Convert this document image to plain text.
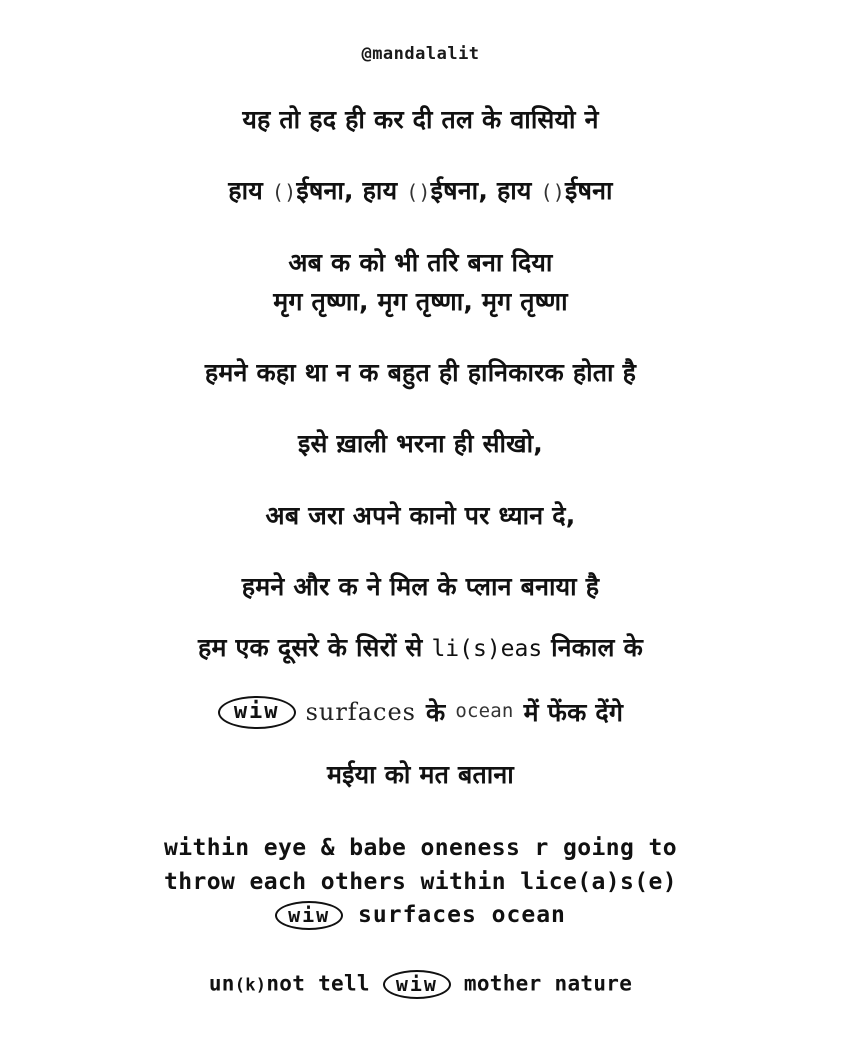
@mandalalit
यह तो हद ही कर दी तल के वासियो ने
हाय ()ईषना, हाय ()ईषना, हाय ()ईषना
अब क को भी तरि बना दिया
मृग तृष्णा, मृग तृष्णा, मृग तृष्णा
हमने कहा था न क बहुत ही हानिकारक होता है
इसे ख़ाली भरना ही सीखो,
अब जरा अपने कानो पर ध्यान दे,
हमने और क ने मिल के प्लान बनाया है
हम एक दूसरे के सिरों से li(s)eas निकाल के
wiw	surfaces के ocean में फेंक देंगे
मईया को मत बताना
within eye & babe oneness r going to
throw each others within lice(a)s(e)
wiw surfaces ocean
un(k)not tell wiw mother nature
